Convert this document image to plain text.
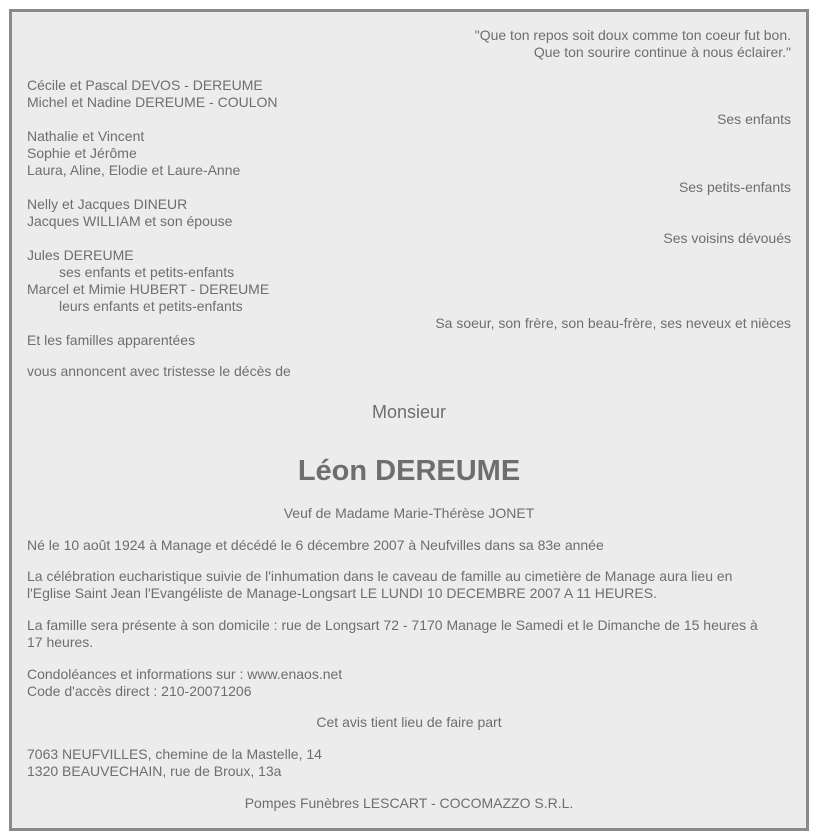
"Que ton repos soit doux comme ton coeur fut bon.
Que ton sourire continue à nous éclairer."
Cécile et Pascal DEVOS - DEREUME
Michel et Nadine DEREUME - COULON
Ses enfants
Nathalie et Vincent
Sophie et Jérôme
Laura, Aline, Elodie et Laure-Anne
Ses petits-enfants
Nelly et Jacques DINEUR
Jacques WILLIAM et son épouse
Ses voisins dévoués
Jules DEREUME
ses enfants et petits-enfants
Marcel et Mimie HUBERT - DEREUME
leurs enfants et petits-enfants
Sa soeur, son frère, son beau-frère, ses neveux et nièces
Et les familles apparentées
vous annoncent avec tristesse le décès de
Monsieur
Léon DEREUME
Veuf de Madame Marie-Thérèse JONET
Né le 10 août 1924 à Manage et décédé le 6 décembre 2007 à Neufvilles dans sa 83e année
La célébration eucharistique suivie de l'inhumation dans le caveau de famille au cimetière de Manage aura lieu en
l'Eglise Saint Jean l'Evangéliste de Manage-Longsart LE LUNDI 10 DECEMBRE 2007 A 11 HEURES.
La famille sera présente à son domicile : rue de Longsart 72 - 7170 Manage le Samedi et le Dimanche de 15 heures à
17 heures.
Condoléances et informations sur : www.enaos.net
Code d'accès direct : 210-20071206
Cet avis tient lieu de faire part
7063 NEUFVILLES, chemine de la Mastelle, 14
1320 BEAUVECHAIN, rue de Broux, 13a
Pompes Funèbres LESCART - COCOMAZZO S.R.L.
